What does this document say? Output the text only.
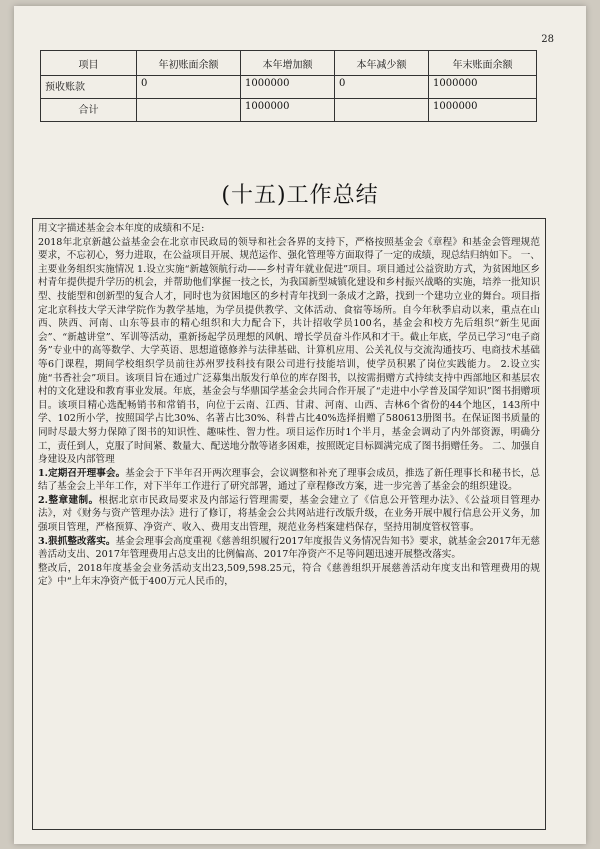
28
项目	年初账面余额	本年增加额	本年减少额	年末账面余额
预收账款	0	1000000	0	1000000
合计		1000000		1000000
(十五)工作总结

用文字描述基金会本年度的成绩和不足:

2018年北京新越公益基金会在北京市民政局的领导和社会各界的支持下，严格按照基金会《章程》和基金会管理规范要求，不忘初心，努力进取，在公益项目开展、规范运作、强化管理等方面取得了一定的成绩，现总结归纳如下。 一、主要业务组织实施情况 1.设立实施“新越领航行动——乡村青年就业促进”项目。项目通过公益资助方式，为贫困地区乡村青年提供提升学历的机会，并帮助他们掌握一技之长，为我国新型城镇化建设和乡村振兴战略的实施，培养一批知识型、技能型和创新型的复合人才，同时也为贫困地区的乡村青年找到一条成才之路，找到一个建功立业的舞台。项目指定北京科技大学天津学院作为教学基地，为学员提供教学、文体活动、食宿等场所。自今年秋季启动以来，重点在山西、陕西、河南、山东等县市的精心组织和大力配合下，共计招收学员100名，基金会和校方先后组织“新生见面会”、“新越讲堂”、军训等活动，重新扬起学员理想的风帆、增长学员奋斗作风和才干。截止年底，学员已学习“电子商务”专业中的高等数学、大学英语、思想道德修养与法律基础、计算机应用、公关礼仪与交流沟通技巧、电商技术基础等6门课程，期间学校组织学员前往苏州罗技科技有限公司进行技能培训，使学员积累了岗位实践能力。 2.设立实施“书香社会”项目。该项目旨在通过广泛募集出版发行单位的库存图书，以按需捐赠方式持续支持中西部地区和基层农村的文化建设和教育事业发展。年底，基金会与华鼎国学基金会共同合作开展了“走进中小学普及国学知识”图书捐赠项目。该项目精心选配畅销书和常销书，向位于云南、江西、甘肃、河南、山西、吉林6个省份的44个地区，143所中学、102所小学，按照国学占比30%、名著占比30%、科普占比40%选择捐赠了580613册图书。在保证图书质量的同时尽最大努力保障了图书的知识性、趣味性、智力性。项目运作历时1个半月，基金会调动了内外部资源，明确分工，责任到人，克服了时间紧、数量大、配送地分散等诸多困难，按照既定目标圆满完成了图书捐赠任务。 二、加强自身建设及内部管理

1.定期召开理事会。基金会于下半年召开两次理事会，会议调整和补充了理事会成员，推选了新任理事长和秘书长，总结了基金会上半年工作，对下半年工作进行了研究部署，通过了章程修改方案，进一步完善了基金会的组织建设。

2.整章建制。根据北京市民政局要求及内部运行管理需要，基金会建立了《信息公开管理办法》、《公益项目管理办法》，对《财务与资产管理办法》进行了修订，将基金会公共网站进行改版升级，在业务开展中履行信息公开义务，加强项目管理，严格预算、净资产、收入、费用支出管理，规范业务档案建档保存，坚持用制度管权管事。

3.狠抓整改落实。基金会理事会高度重视《慈善组织履行2017年度报告义务情况告知书》要求，就基金会2017年无慈善活动支出、2017年管理费用占总支出的比例偏高、2017年净资产不足等问题迅速开展整改落实。

整改后，2018年度基金会业务活动支出23,509,598.25元，符合《慈善组织开展慈善活动年度支出和管理费用的规定》中“上年末净资产低于400万元人民币的，
